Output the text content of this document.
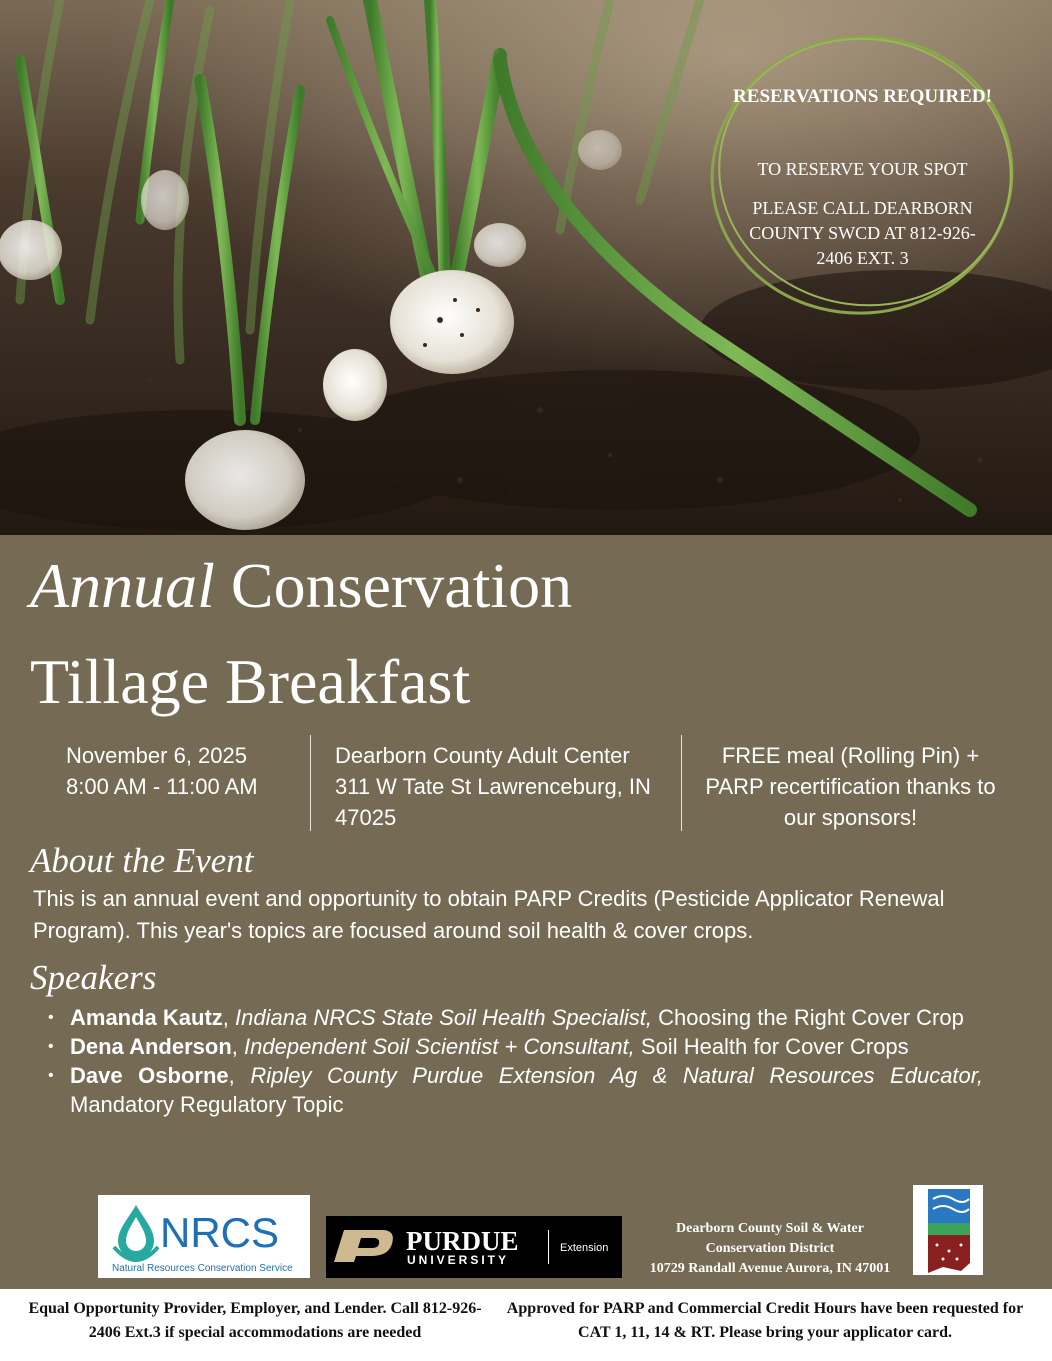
RESERVATIONS REQUIRED!
TO RESERVE YOUR SPOT
PLEASE CALL DEARBORN COUNTY SWCD AT 812-926-2406 EXT. 3
Annual Conservation
Tillage Breakfast
November 6, 2025
8:00 AM - 11:00 AM
Dearborn County Adult Center
311 W Tate St Lawrenceburg, IN 47025
FREE meal (Rolling Pin) + PARP recertification thanks to our sponsors!
About the Event
This is an annual event and opportunity to obtain PARP Credits (Pesticide Applicator Renewal Program). This year's topics are focused around soil health & cover crops.
Speakers
• Amanda Kautz, Indiana NRCS State Soil Health Specialist, Choosing the Right Cover Crop
• Dena Anderson, Independent Soil Scientist + Consultant, Soil Health for Cover Crops
• Dave Osborne, Ripley County Purdue Extension Ag & Natural Resources Educator, Mandatory Regulatory Topic
NRCS
Natural Resources Conservation Service
PURDUE
UNIVERSITY
Extension
Dearborn County Soil & Water
Conservation District
10729 Randall Avenue Aurora, IN 47001
Equal Opportunity Provider, Employer, and Lender. Call 812-926-2406 Ext.3 if special accommodations are needed
Approved for PARP and Commercial Credit Hours have been requested for CAT 1, 11, 14 & RT. Please bring your applicator card.
